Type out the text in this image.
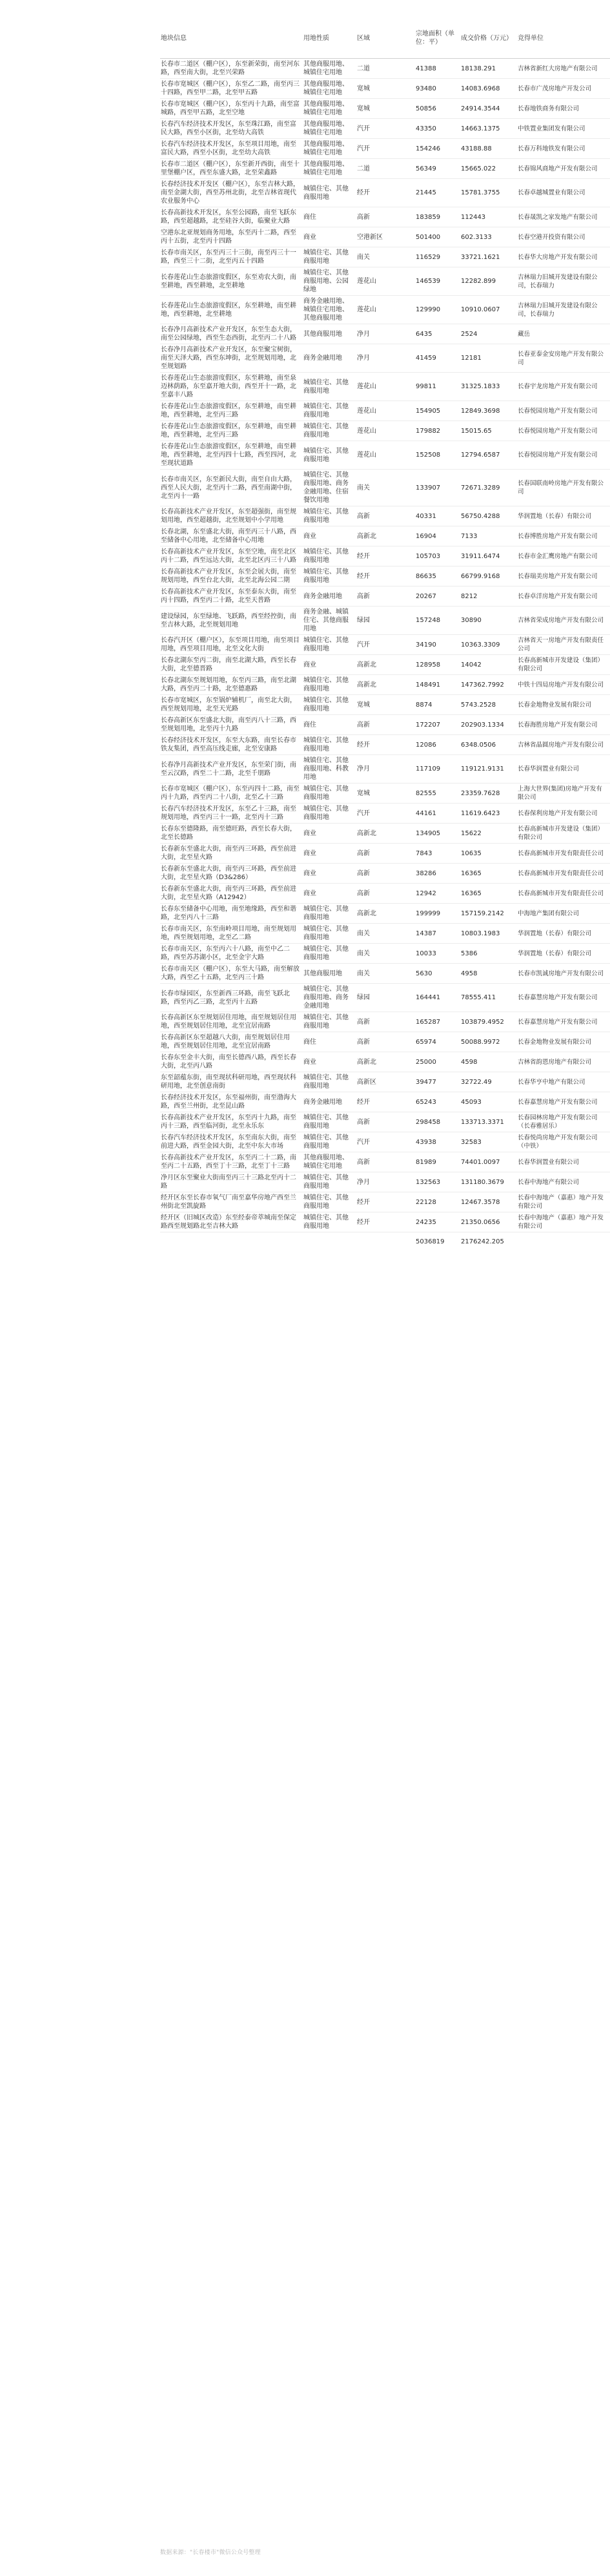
地块信息	用地性质	区域	宗地面积（单位：平）	成交价格（万元）	竞得单位
长春市二道区（棚户区），东至新荣街，南至河东路，西至南大街，北至兴荣路	其他商服用地、城镇住宅用地	二道	41388	18138.291	吉林省新红大房地产有限公司
长春市宽城区（棚户区），东至乙二路，南至丙三十四路，西至甲二路，北至甲五路	其他商服用地、城镇住宅用地	宽城	93480	14083.6968	长春市广茂房地产开发公司
长春市宽城区（棚户区），东至丙十九路，南至富城路，西至甲五路，北至空地	其他商服用地、城镇住宅用地	宽城	50856	24914.3544	长春地铁商务有限公司
长春汽车经济技术开发区，东至珠江路，南至富民大路，西至小区街，北至幼大高铁	其他商服用地、城镇住宅用地	汽开	43350	14663.1375	中铁置业集团发有限公司
长春汽车经济技术开发区，东至项目用地，南至富民大路，西至小区街，北至幼大高铁	其他商服用地、城镇住宅用地	汽开	154246	43188.88	长春万科地铁发有限公司
长春市二道区（棚户区），东至新开西街，南至十里堡棚户区，西至东盛大路，北至荣鑫路	其他商服用地、城镇住宅用地	二道	56349	15665.022	长春锦风商地产开发有限公司
长春经济技术开发区（棚户区），东至吉林大路，南至金湖大街，西至苏州北街，北至吉林省现代农业服务中心	城镇住宅、其他商服用地	经开	21445	15781.3755	长春卓越城置业有限公司
长春高新技术开发区，东至公园路，南至飞跃东路，西至超越路，北至硅谷大街，临聚业大路	商住	高新	183859	112443	长春晟凯之家发地产有限公司
空港东北亚规划商务用地，东至丙十二路，西至丙十五街，北至丙十四路	商业	空港新区	501400	602.3133	长春空港开投资有限公司
长春市南关区，东至丙三十三街，南至丙三十一路，西至三十二街，北至丙五十四路	城镇住宅、其他商服用地	南关	116529	33721.1621	长春华大房地产开发有限公司
长春莲花山生态旅游度假区，东至劝农大街，南至耕地，西至耕地，北至耕地	城镇住宅、其他商服用地、公园绿地	莲花山	146539	12282.899	吉林瑞力旧城开发建设有限公司，长春瑞力
长春莲花山生态旅游度假区，东至耕地，南至耕地，西至耕地，北至耕地	商务金融用地、城镇住宅用地、其他商服用地	莲花山	129990	10910.0607	吉林瑞力旧城开发建设有限公司，长春瑞力
长春净月高新技术产业开发区，东至生态大街，南至公园绿地，西至生态西街，北至丙二十八路	其他商服用地	净月	6435	2524	藏岳
长春净月高新技术产业开发区，东至聚宝树街，南至天泽大路，西至东坤街，北至规划用地，北至规划路	商务金融用地	净月	41459	12181	长春亚泰金安房地产开发有限公司
长春莲花山生态旅游度假区，东至耕地，南至泉迈林荫路，东至嘉开地大街，西至开十一路，北至嘉丰八路	城镇住宅、其他商服用地	莲花山	99811	31325.1833	长春宇龙房地产开发有限公司
长春莲花山生态旅游度假区，东至耕地，南至耕地，西至耕地，北至丙三路	城镇住宅、其他商服用地	莲花山	154905	12849.3698	长春悦园房地产开发有限公司
长春莲花山生态旅游度假区，东至耕地，南至耕地，西至耕地，北至丙三路	城镇住宅、其他商服用地	莲花山	179882	15015.65	长春悦园房地产开发有限公司
长春莲花山生态旅游度假区，东至耕地，南至耕地，西至耕地，北至丙四十七路，西至四河，北至现状道路	城镇住宅、其他商服用地	莲花山	152508	12794.6587	长春悦园房地产开发有限公司
长春市南关区，东至新民大街，南至自由大路，西至人民大街，北至丙十二路，西至南湖中街，北至丙十一路	城镇住宅、其他商服用地、商务金融用地、住宿餐饮用地	南关	133907	72671.3289	长春国联南岭房地产开发有限公司
长春高新技术产业开发区，东至超强街，南至规划用地，西至超越街，北至规划中小学用地	城镇住宅、其他商服用地	高新	40331	56750.4288	华润置地（长春）有限公司
长春北湖，东至盛北大街，南至丙三十八路，西至储备中心用地，北至储备中心用地	商业	高新北	16904	7133	长春博胜房地产开发有限公司
长春高新技术产业开发区，东至空地，南至北区丙十二路，西至远达大街，北至北区丙三十八路	城镇住宅、其他商服用地	经开	105703	31911.6474	长春市金汇鹰房地产有限公司
长春高新技术产业开发区，东至会展大街，南至规划用地，西至台北大街，北至北海公园二期	城镇住宅、其他商服用地	经开	86635	66799.9168	长春瑞美房地产开发有限公司
长春高新技术产业开发区，东至泰东大街，南至丙十四路，西至丙二十路，北至天普路	商务金融用地	高新	20267	8212	长春卓洋房地产开发有限公司
建设绿园，东至绿地、飞跃路，西至经控街，南至吉林大路，北至规划用地	商务金融、城镇住宅、其他商服用地	绿园	157248	30890	吉林省荣成房地产开发有限公司
长春汽开区（棚户区），东至项目用地，南至项目用地，西至项目用地，北至文化大街	城镇住宅、其他商服用地	汽开	34190	10363.3309	吉林省天一房地产开发有限责任公司
长春北湖东至丙二街，南至北湖大路，西至长春大街，北至德晋路	商业	高新北	128958	14042	长春高新城市开发建设（集团）有限公司
长春北湖东至规划用地，东至丙三路，南至北湖大路，西至丙二十路，北至德惠路	城镇住宅、其他商服用地	高新北	148491	147362.7992	中铁十四局房地产开发有限公司
长春市宽城区，东至锅炉辅机厂，南至北大街，西至规划用地，北至天光路	城镇住宅、其他商服用地	宽城	8874	5743.2528	长春金地物业发展有限公司
长春高新区东至盛北大街，南至丙八十三路，西至规划用地，北至丙十九路	商住	高新	172207	202903.1334	长春海胜房地产开发有限公司
长春经济技术开发区，东至大东路，南至长春市铁友集团，西至高压线走廊，北至安康路	城镇住宅、其他商服用地	经开	12086	6348.0506	吉林省晶圆房地产开发有限公司
长春净月高新技术产业开发区，东至荣门街，南至云汉路，西至二十二路，北至千朋路	城镇住宅、其他商服用地、科教用地	净月	117109	119121.9131	长春华润置业有限公司
长春市宽城区（棚户区），东至丙四十二路，南至丙十九路，西至丙二十八街，北至乙十三路	城镇住宅、其他商服用地	宽城	82555	23359.7628	上海大世界(集团)房地产开发有限公司
长春汽车经济技术开发区，东至乙十三路，南至规划用地，西至丙三十一路，北至丙十三路	城镇住宅、其他商服用地	汽开	44161	11619.6423	长春保利房地产开发有限公司
长春东至德隆路，南至德旺路，西至长春大街，北至长德路	商业	高新北	134905	15622	长春高新城市开发建设（集团）有限公司
长春新东至盛北大街，南至丙三环路，西至前进大街，北至星火路	商业	高新	7843	10635	长春高新城市开发有限责任公司
长春新东至盛北大街，南至丙三环路，西至前进大街，北至星火路（D3&286）	商业	高新	38286	16365	长春高新城市开发有限责任公司
长春新东至盛北大街，南至丙三环路，西至前进大街，北至星火路（A12942）	商业	高新	12942	16365	长春高新城市开发有限责任公司
长春东至储备中心用地，南至地缘路，西至和谐路，北至丙八十三路	城镇住宅、其他商服用地	高新北	199999	157159.2142	中海地产集团有限公司
长春市南关区，东至南岭项目用地，南至规划用地，西至规划用地，北至乙二路	城镇住宅、其他商服用地	南关	14387	10803.1983	华润置地（长春）有限公司
长春市南关区，东至丙六十八路，南至中乙二路，西至苏苏湖小区，北至金宇大路	城镇住宅、其他商服用地	南关	10033	5386	华润置地（长春）有限公司
长春市南关区（棚户区），东至大马路，南至解放大路，西至乙十五路，北至丙三十路	其他商服用地	南关	5630	4958	长春市凯诚房地产开发有限公司
长春市绿园区，东至新西三环路，南至飞跃北路，西至丙乙三路，北至丙十五路	城镇住宅、其他商服用地、商务金融用地	绿园	164441	78555.411	长春嘉慧房地产开发有限公司
长春高新区东至规划居住用地，南至规划居住用地，西至规划居住用地，北至宜居南路	城镇住宅、其他商服用地	高新	165287	103879.4952	长春嘉慧房地产开发有限公司
长春高新区东至超越八大街，南至规划居住用地，西至规划居住用地，北至宜居南路	商住	高新	65974	50088.9972	长春金地物业发展有限公司
长春东至金丰大街，南至长德西八路，西至长春大街，北至丙八路	商业	高新北	25000	4598	吉林省韵恩房地产有限公司
东至韶蕴东街，南至现状科研用地，西至现状科研用地，北至创意南街	城镇住宅、其他商服用地	高新区	39477	32722.49	长春华亨中地产有限公司
长春经济技术开发区，东至福州街，南至渤海大路，西至兰州街，北至昆山路	商务金融用地	经开	65243	45093	长春嘉慧房地产开发有限公司
长春高新技术产业开发区，东至丙十九路，南至丙十三路，西至临河街，北至永乐东	城镇住宅、其他商服用地	高新	298458	133713.3371	长春园林房地产开发有限公司（长春雅居乐）
长春汽车经济技术开发区，东至南东大街，南至前进大路，西至金园大街，北至中东大市场	城镇住宅、其他商服用地	汽开	43938	32583	长春悦尚房地产开发有限公司（中铁）
长春高新技术产业开发区，东至丙二十二路，南至丙二十五路，西至丁十三路，北至丁十三路	其他商服用地、城镇住宅用地	高新	81989	74401.0097	长春华润置业有限公司
净月区东至聚业大街南至丙三十三路北至丙十二路	城镇住宅、其他商服用地	净月	132563	131180.3679	长春中海地产有限公司
经开区东至长春市氧气厂南至嘉华房地产西至兰州街北至凯旋路	城镇住宅、其他商服用地	经开	22128	12467.3578	长春中海地产（嘉惠）地产开发有限公司
经开区（旧城区改造）东至经泰帝萃城南至保定路西至规划路北至吉林大路	城镇住宅、其他商服用地	经开	24235	21350.0656	长春中海地产（嘉惠）地产开发有限公司
			5036819	2176242.205	
数据来源："长春楼市"微信公众号整理
